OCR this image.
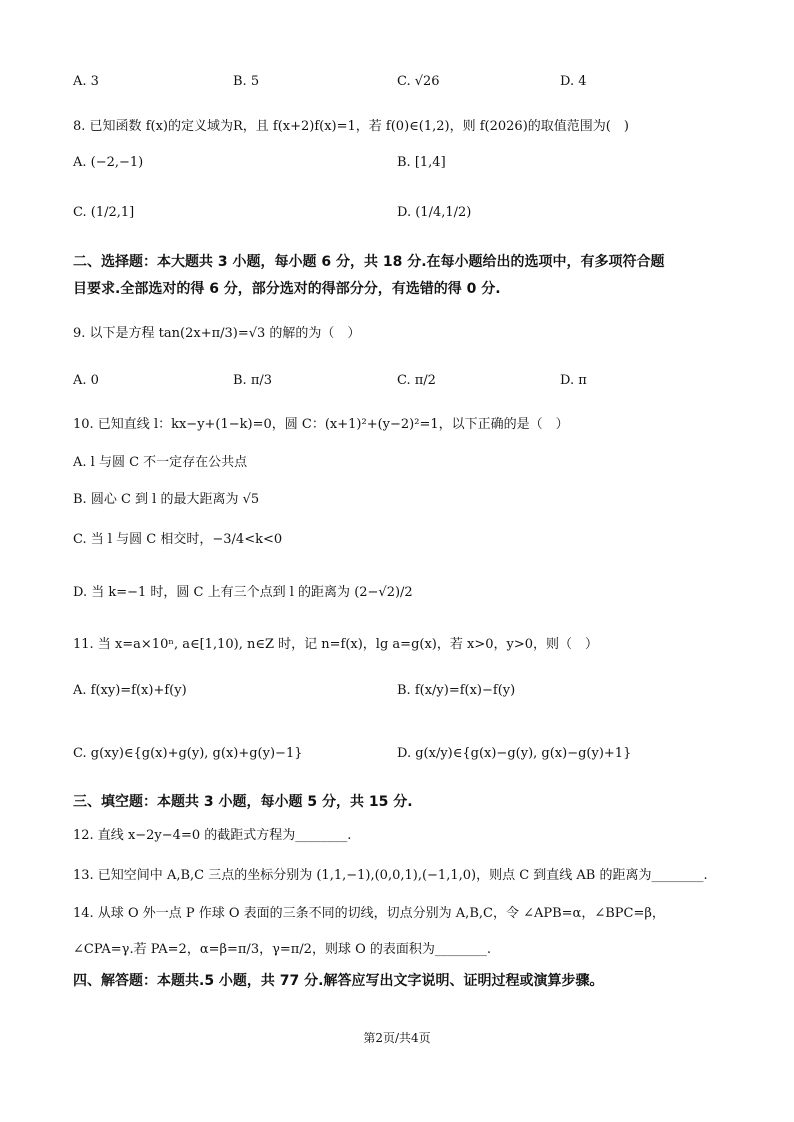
A. 3	B. 5	C. √26	D. 4
8. 已知函数 f(x)的定义域为R，且 f(x+2)f(x)=1，若 f(0)∈(1,2)，则 f(2026)的取值范围为(　)
A. (−2,−1)	B. [1,4]
C. (1/2,1]	D. (1/4,1/2)
二、选择题：本大题共 3 小题，每小题 6 分，共 18 分.在每小题给出的选项中，有多项符合题
目要求.全部选对的得 6 分，部分选对的得部分分，有选错的得 0 分.
9. 以下是方程 tan(2x+π/3)=√3 的解的为（　）
A. 0	B. π/3	C. π/2	D. π
10. 已知直线 l：kx−y+(1−k)=0，圆 C：(x+1)²+(y−2)²=1，以下正确的是（　）
A. l 与圆 C 不一定存在公共点
B. 圆心 C 到 l 的最大距离为 √5
C. 当 l 与圆 C 相交时，−3/4<k<0
D. 当 k=−1 时，圆 C 上有三个点到 l 的距离为 (2−√2)/2
11. 当 x=a×10ⁿ, a∈[1,10), n∈Z 时，记 n=f(x)，lg a=g(x)，若 x>0，y>0，则（　）
A. f(xy)=f(x)+f(y)	B. f(x/y)=f(x)−f(y)
C. g(xy)∈{g(x)+g(y), g(x)+g(y)−1}	D. g(x/y)∈{g(x)−g(y), g(x)−g(y)+1}
三、填空题：本题共 3 小题，每小题 5 分，共 15 分.
12. 直线 x−2y−4=0 的截距式方程为________.
13. 已知空间中 A,B,C 三点的坐标分别为 (1,1,−1),(0,0,1),(−1,1,0)，则点 C 到直线 AB 的距离为________.
14. 从球 O 外一点 P 作球 O 表面的三条不同的切线，切点分别为 A,B,C，令 ∠APB=α，∠BPC=β，
∠CPA=γ.若 PA=2，α=β=π/3，γ=π/2，则球 O 的表面积为________.
四、解答题：本题共.5 小题，共 77 分.解答应写出文字说明、证明过程或演算步骤。
第2页/共4页
